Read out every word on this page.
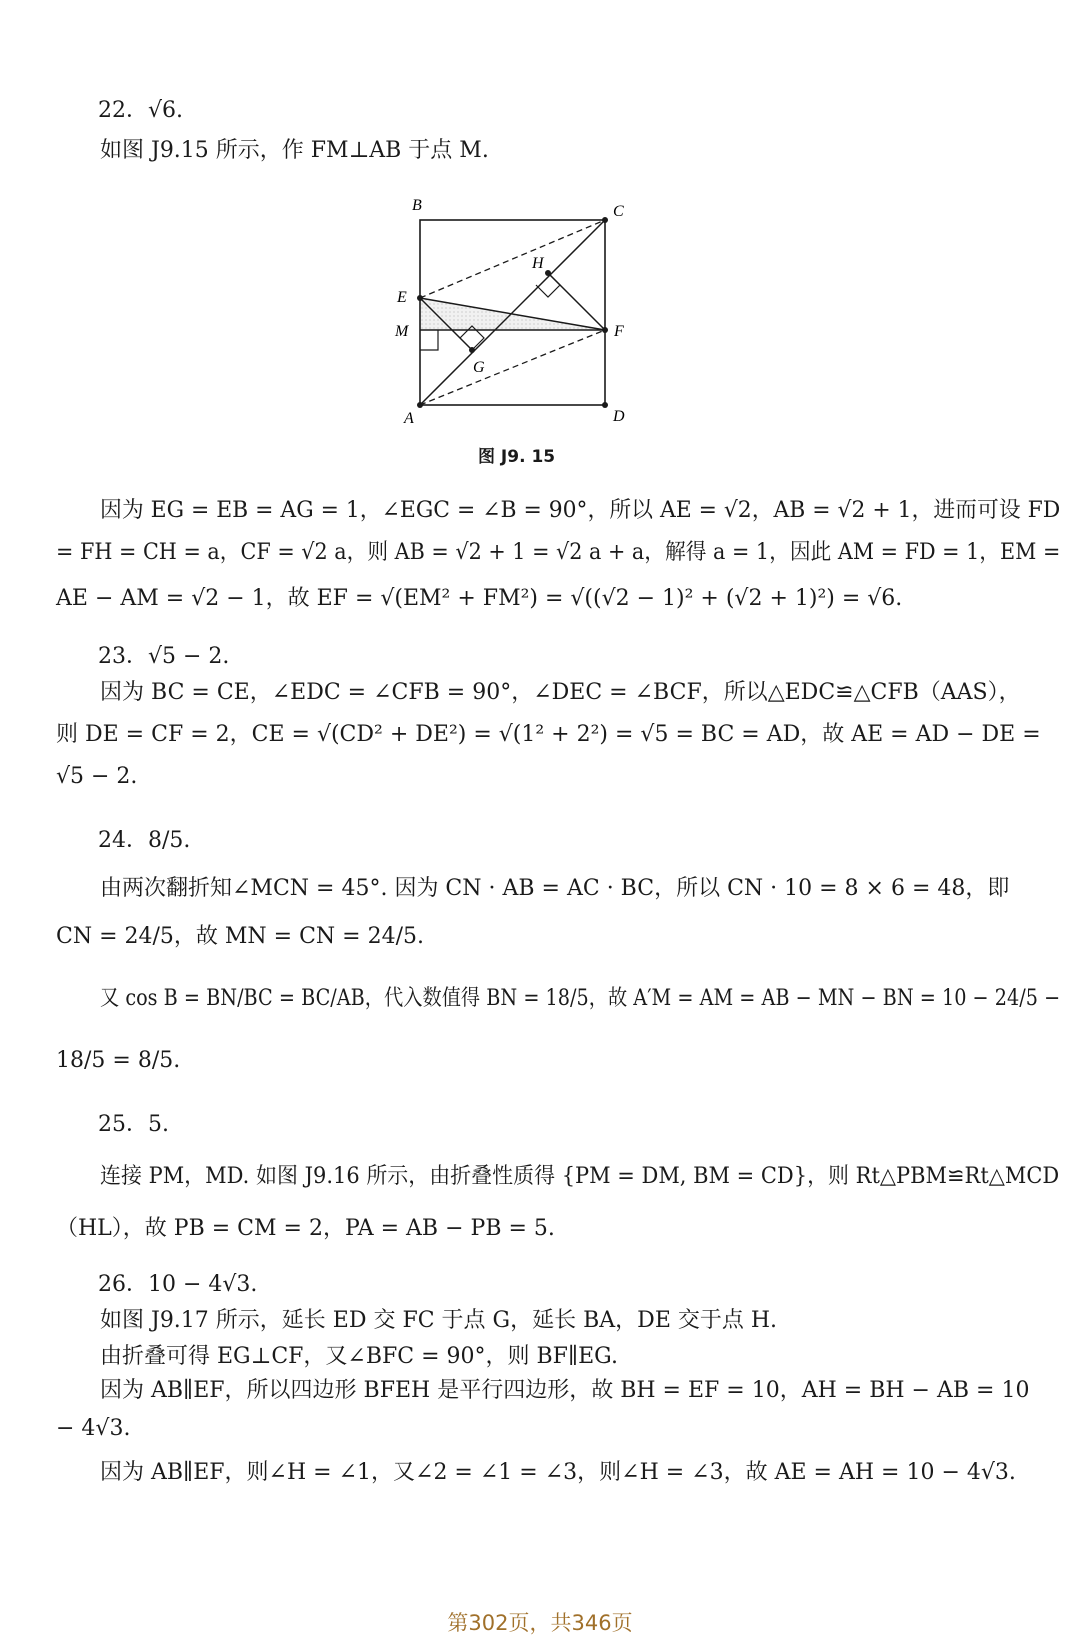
22．√6.
如图 J9.15 所示，作 FM⊥AB 于点 M.
B	C
H
E
M	F
G
A	D
图 J9. 15
因为 EG = EB = AG = 1，∠EGC = ∠B = 90°，所以 AE = √2，AB = √2 + 1，进而可设 FD
= FH = CH = a，CF = √2 a，则 AB = √2 + 1 = √2 a + a，解得 a = 1，因此 AM = FD = 1，EM =
AE − AM = √2 − 1，故 EF = √(EM² + FM²) = √((√2 − 1)² + (√2 + 1)²) = √6.
23．√5 − 2.
因为 BC = CE，∠EDC = ∠CFB = 90°，∠DEC = ∠BCF，所以△EDC≌△CFB（AAS），
则 DE = CF = 2，CE = √(CD² + DE²) = √(1² + 2²) = √5 = BC = AD，故 AE = AD − DE =
√5 − 2.
24．8/5.
由两次翻折知∠MCN = 45°. 因为 CN · AB = AC · BC，所以 CN · 10 = 8 × 6 = 48，即
CN = 24/5，故 MN = CN = 24/5.
又 cos B = BN/BC = BC/AB，代入数值得 BN = 18/5，故 A′M = AM = AB − MN − BN = 10 − 24/5 −
18/5 = 8/5.
25．5.
连接 PM，MD. 如图 J9.16 所示，由折叠性质得 {PM = DM, BM = CD}，则 Rt△PBM≌Rt△MCD
（HL），故 PB = CM = 2，PA = AB − PB = 5.
26．10 − 4√3.
如图 J9.17 所示，延长 ED 交 FC 于点 G，延长 BA，DE 交于点 H.
由折叠可得 EG⊥CF，又∠BFC = 90°，则 BF∥EG.
因为 AB∥EF，所以四边形 BFEH 是平行四边形，故 BH = EF = 10，AH = BH − AB = 10
− 4√3.
因为 AB∥EF，则∠H = ∠1，又∠2 = ∠1 = ∠3，则∠H = ∠3，故 AE = AH = 10 − 4√3.
第302页，共346页
